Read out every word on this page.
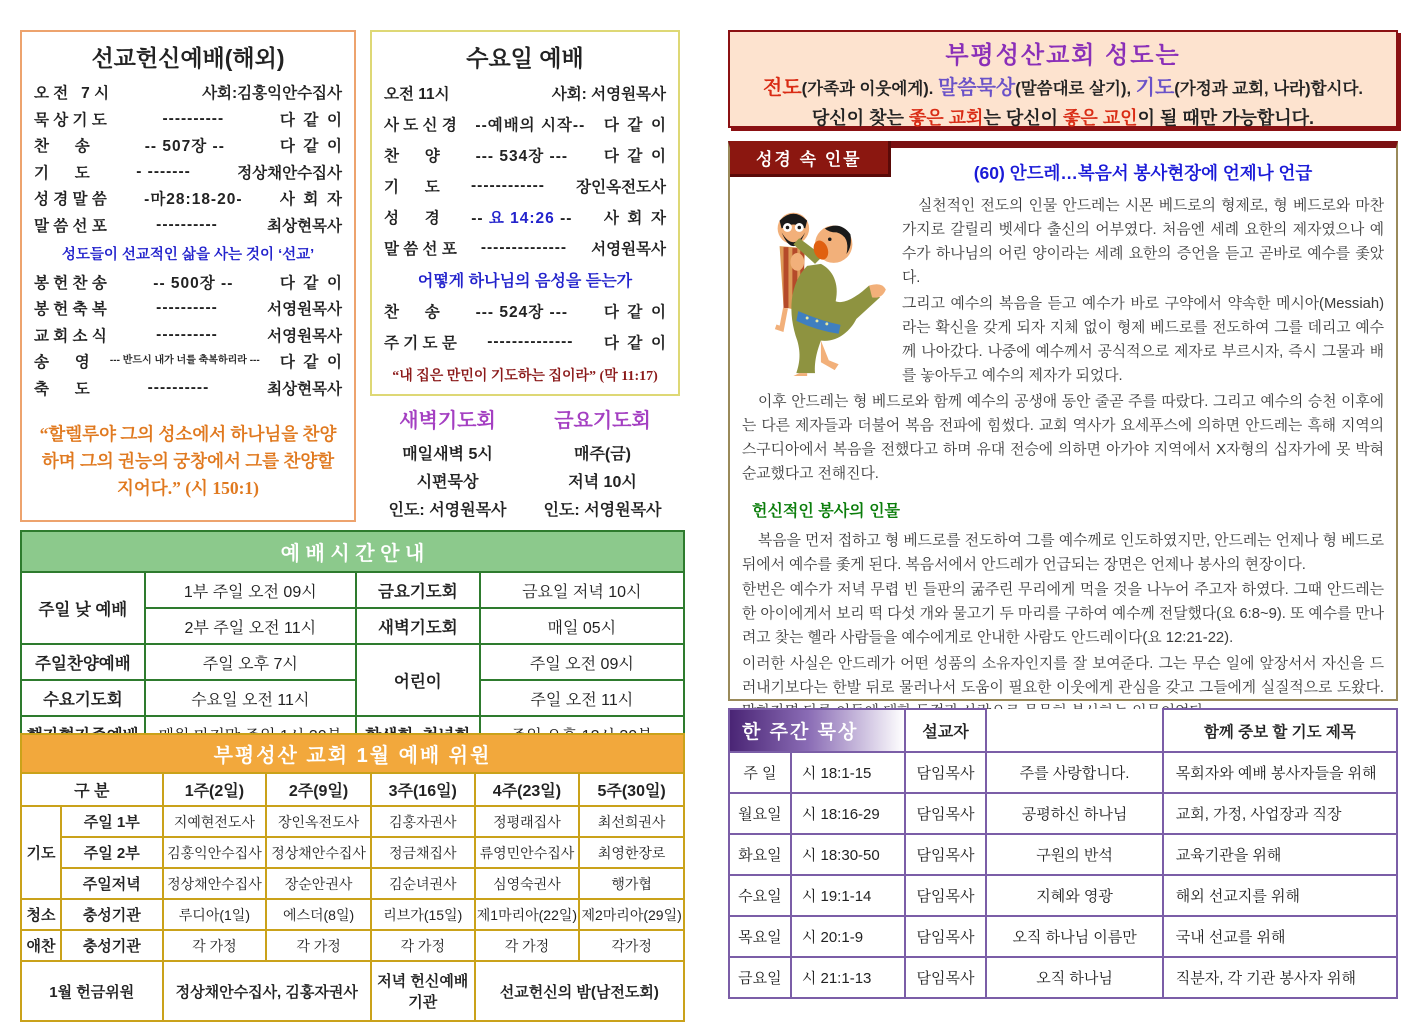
선교헌신예배(해외)
오 전   7 시	사회:김홍익안수집사
묵 상 기 도	----------	다  같  이
찬      송	-- 507장 --	다  같  이
기      도	- -------	정상채안수집사
성 경 말 씀	-마28:18-20-	사  회  자
말 씀 선 포	----------	최상현목사
성도들이 선교적인 삶을 사는 것이 ‘선교’
봉 헌 찬 송	-- 500장 --	다  같  이
봉 헌 축 복	----------	서영원목사
교 회 소 식	----------	서영원목사
송      영	--- 반드시 내가 너를 축복하리라 ---	다  같  이
축      도	----------	최상현목사
“할렐루야 그의 성소에서 하나님을 찬양하며 그의 권능의 궁창에서 그를 찬양할지어다.” (시 150:1)
수요일 예배
오전 11시	사회: 서영원목사
사 도 신 경	--예배의 시작--	다  같  이
찬      양	--- 534장 ---	다  같  이
기      도	------------	장인옥전도사
성      경	-- 요 14:26 --	사  회  자
말 씀 선 포	--------------	서영원목사
어떻게 하나님의 음성을 듣는가
찬      송	--- 524장 ---	다  같  이
주 기 도 문	--------------	다  같  이
“내 집은 만민이 기도하는 집이라” (막 11:17)
새벽기도회
매일새벽 5시
시편묵상
인도: 서영원목사
금요기도회
매주(금)
저녁 10시
인도: 서영원목사
부평성산교회 성도는
전도(가족과 이웃에게). 말씀묵상(말씀대로 살기), 기도(가정과 교회, 나라)합시다.
당신이 찾는 좋은 교회는 당신이 좋은 교인이 될 때만 가능합니다.
성경 속 인물
(60) 안드레…복음서 봉사현장에 언제나 언급

실천적인 전도의 인물 안드레는 시몬 베드로의 형제로, 형 베드로와 마찬가지로 갈릴리 벳세다 출신의 어부였다. 처음엔 세례 요한의 제자였으나 예수가 하나님의 어린 양이라는 세례 요한의 증언을 듣고 곧바로 예수를 좇았다.

그리고 예수의 복음을 듣고 예수가 바로 구약에서 약속한 메시아(Messiah)라는 확신을 갖게 되자 지체 없이 형제 베드로를 전도하여 그를 데리고 예수께 나아갔다. 나중에 예수께서 공식적으로 제자로 부르시자, 즉시 그물과 배를 놓아두고 예수의 제자가 되었다.

이후 안드레는 형 베드로와 함께 예수의 공생애 동안 줄곧 주를 따랐다. 그리고 예수의 승천 이후에는 다른 제자들과 더불어 복음 전파에 힘썼다. 교회 역사가 요세푸스에 의하면 안드레는 흑해 지역의 스구디아에서 복음을 전했다고 하며 유대 전승에 의하면 아가야 지역에서 X자형의 십자가에 못 박혀 순교했다고 전해진다.

헌신적인 봉사의 인물

복음을 먼저 접하고 형 베드로를 전도하여 그를 예수께로 인도하였지만, 안드레는 언제나 형 베드로 뒤에서 예수를 좇게 된다. 복음서에서 안드레가 언급되는 장면은 언제나 봉사의 현장이다.

한번은 예수가 저녁 무렵 빈 들판의 굶주린 무리에게 먹을 것을 나누어 주고자 하였다. 그때 안드레는 한 아이에게서 보리 떡 다섯 개와 물고기 두 마리를 구하여 예수께 전달했다(요 6:8~9). 또 예수를 만나려고 찾는 헬라 사람들을 예수에게로 안내한 사람도 안드레이다(요 12:21-22).

이러한 사실은 안드레가 어떤 성품의 소유자인지를 잘 보여준다. 그는 무슨 일에 앞장서서 자신을 드러내기보다는 한발 뒤로 물러나서 도움이 필요한 이웃에게 관심을 갖고 그들에게 실질적으로 도왔다.

예 배 시 간 안 내			
주일 낮 예배	1부 주일 오전 09시	금요기도회	금요일 저녁 10시
	2부 주일 오전 11시	새벽기도회	매일 05시
주일찬양예배	주일 오후 7시	어린이	주일 오전 09시
수요기도회	수요일 오전 11시		주일 오전 11시

부평성산 교회 1월 예배 위원						
구 분		1주(2일)	2주(9일)	3주(16일)	4주(23일)	5주(30일)
기도	주일 1부	지예현전도사	장인옥전도사	김홍자권사	정평래집사	최선희권사
	주일 2부	김홍익안수집사	정상채안수집사	정금채집사	류영민안수집사	최영한장로
	주일저녁	정상채안수집사	장순안권사	김순녀권사	심영숙권사	행가협
청소	충성기관	루디아(1일)	에스더(8일)	리브가(15일)	제1마리아(22일)	제2마리아(29일)
애찬	충성기관	각 가정	각 가정	각 가정	각 가정	각가정
1월 헌금위원		정상채안수집사, 김홍자권사		저녁 헌신예배 기관	선교헌신의 밤(남전도회)	
한 주간 묵상		설교자		함께 중보 할 기도 제목
주 일	시 18:1-15	담임목사	주를 사랑합니다.	목회자와 예배 봉사자들을 위해
월요일	시 18:16-29	담임목사	공평하신 하나님	교회, 가정, 사업장과 직장
화요일	시 18:30-50	담임목사	구원의 반석	교육기관을 위해
수요일	시 19:1-14	담임목사	지혜와 영광	해외 선교지를 위해
목요일	시 20:1-9	담임목사	오직 하나님 이름만	국내 선교를 위해
금요일	시 21:1-13	담임목사	오직 하나님	직분자, 각 기관 봉사자 위해
